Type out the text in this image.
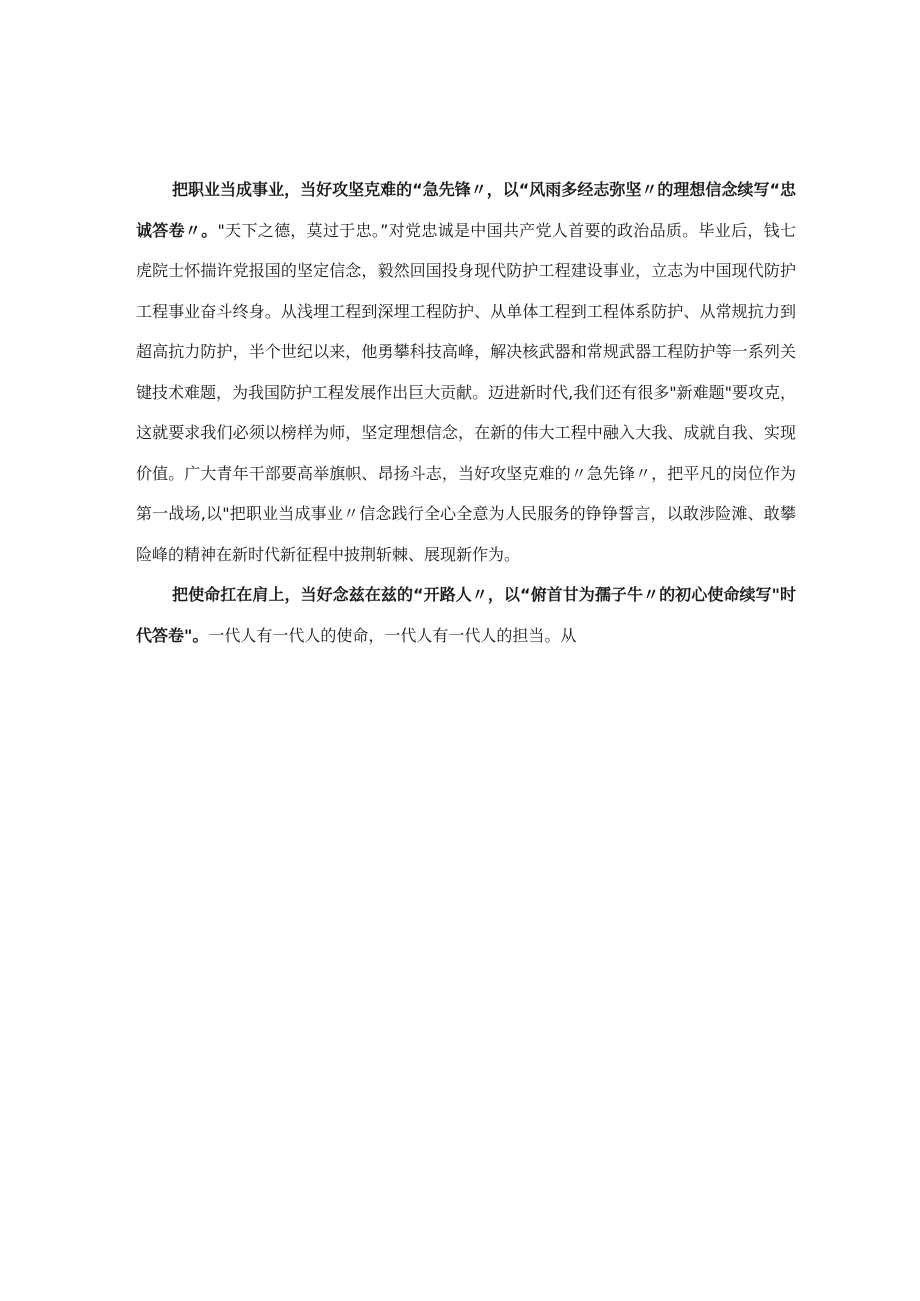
把职业当成事业，当好攻坚克难的“急先锋〃，以“风雨多经志弥坚〃的理想信念续写“忠诚答卷〃。"天下之德，莫过于忠。”对党忠诚是中国共产党人首要的政治品质。毕业后，钱七虎院士怀揣许党报国的坚定信念，毅然回国投身现代防护工程建设事业，立志为中国现代防护工程事业奋斗终身。从浅埋工程到深埋工程防护、从单体工程到工程体系防护、从常规抗力到超高抗力防护，半个世纪以来，他勇攀科技高峰，解决核武器和常规武器工程防护等一系列关键技术难题，为我国防护工程发展作出巨大贡献。迈进新时代,我们还有很多"新难题"要攻克，这就要求我们必须以榜样为师，坚定理想信念，在新的伟大工程中融入大我、成就自我、实现价值。广大青年干部要高举旗帜、昂扬斗志，当好攻坚克难的〃急先锋〃，把平凡的岗位作为第一战场,以"把职业当成事业〃信念践行全心全意为人民服务的铮铮誓言，以敢涉险滩、敢攀险峰的精神在新时代新征程中披荆斩棘、展现新作为。

把使命扛在肩上，当好念兹在兹的“开路人〃，以“俯首甘为孺子牛〃的初心使命续写"时代答卷"。一代人有一代人的使命，一代人有一代人的担当。从
